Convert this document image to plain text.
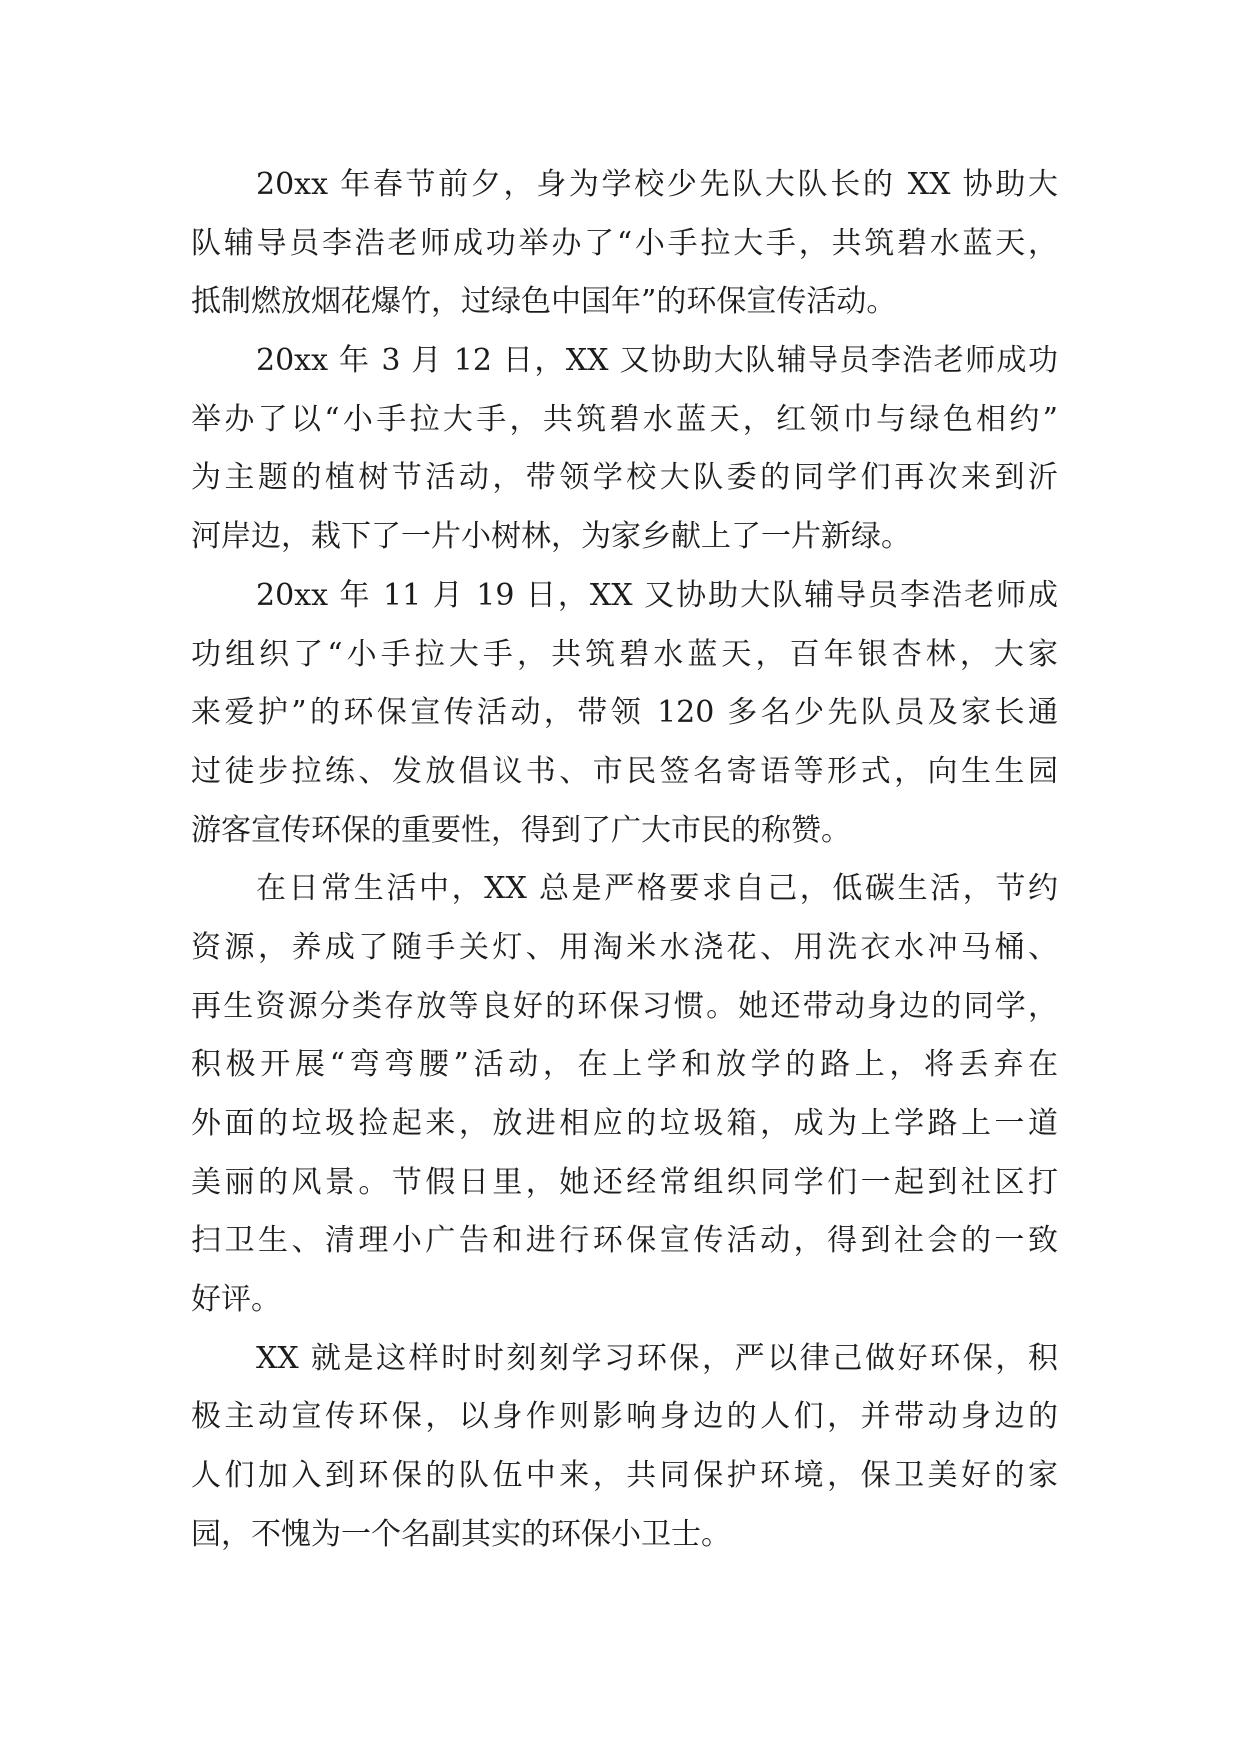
20xx 年春节前夕，身为学校少先队大队长的 XX 协助大
队辅导员李浩老师成功举办了“小手拉大手，共筑碧水蓝天，
抵制燃放烟花爆竹，过绿色中国年”的环保宣传活动。
20xx 年 3 月 12 日，XX 又协助大队辅导员李浩老师成功
举办了以“小手拉大手，共筑碧水蓝天，红领巾与绿色相约”
为主题的植树节活动，带领学校大队委的同学们再次来到沂
河岸边，栽下了一片小树林，为家乡献上了一片新绿。
20xx 年 11 月 19 日，XX 又协助大队辅导员李浩老师成
功组织了“小手拉大手，共筑碧水蓝天，百年银杏林，大家
来爱护”的环保宣传活动，带领 120 多名少先队员及家长通
过徒步拉练、发放倡议书、市民签名寄语等形式，向生生园
游客宣传环保的重要性，得到了广大市民的称赞。
在日常生活中，XX 总是严格要求自己，低碳生活，节约
资源，养成了随手关灯、用淘米水浇花、用洗衣水冲马桶、
再生资源分类存放等良好的环保习惯。她还带动身边的同学，
积极开展“弯弯腰”活动，在上学和放学的路上，将丢弃在
外面的垃圾捡起来，放进相应的垃圾箱，成为上学路上一道
美丽的风景。节假日里，她还经常组织同学们一起到社区打
扫卫生、清理小广告和进行环保宣传活动，得到社会的一致
好评。
XX 就是这样时时刻刻学习环保，严以律己做好环保，积
极主动宣传环保，以身作则影响身边的人们，并带动身边的
人们加入到环保的队伍中来，共同保护环境，保卫美好的家
园，不愧为一个名副其实的环保小卫士。
